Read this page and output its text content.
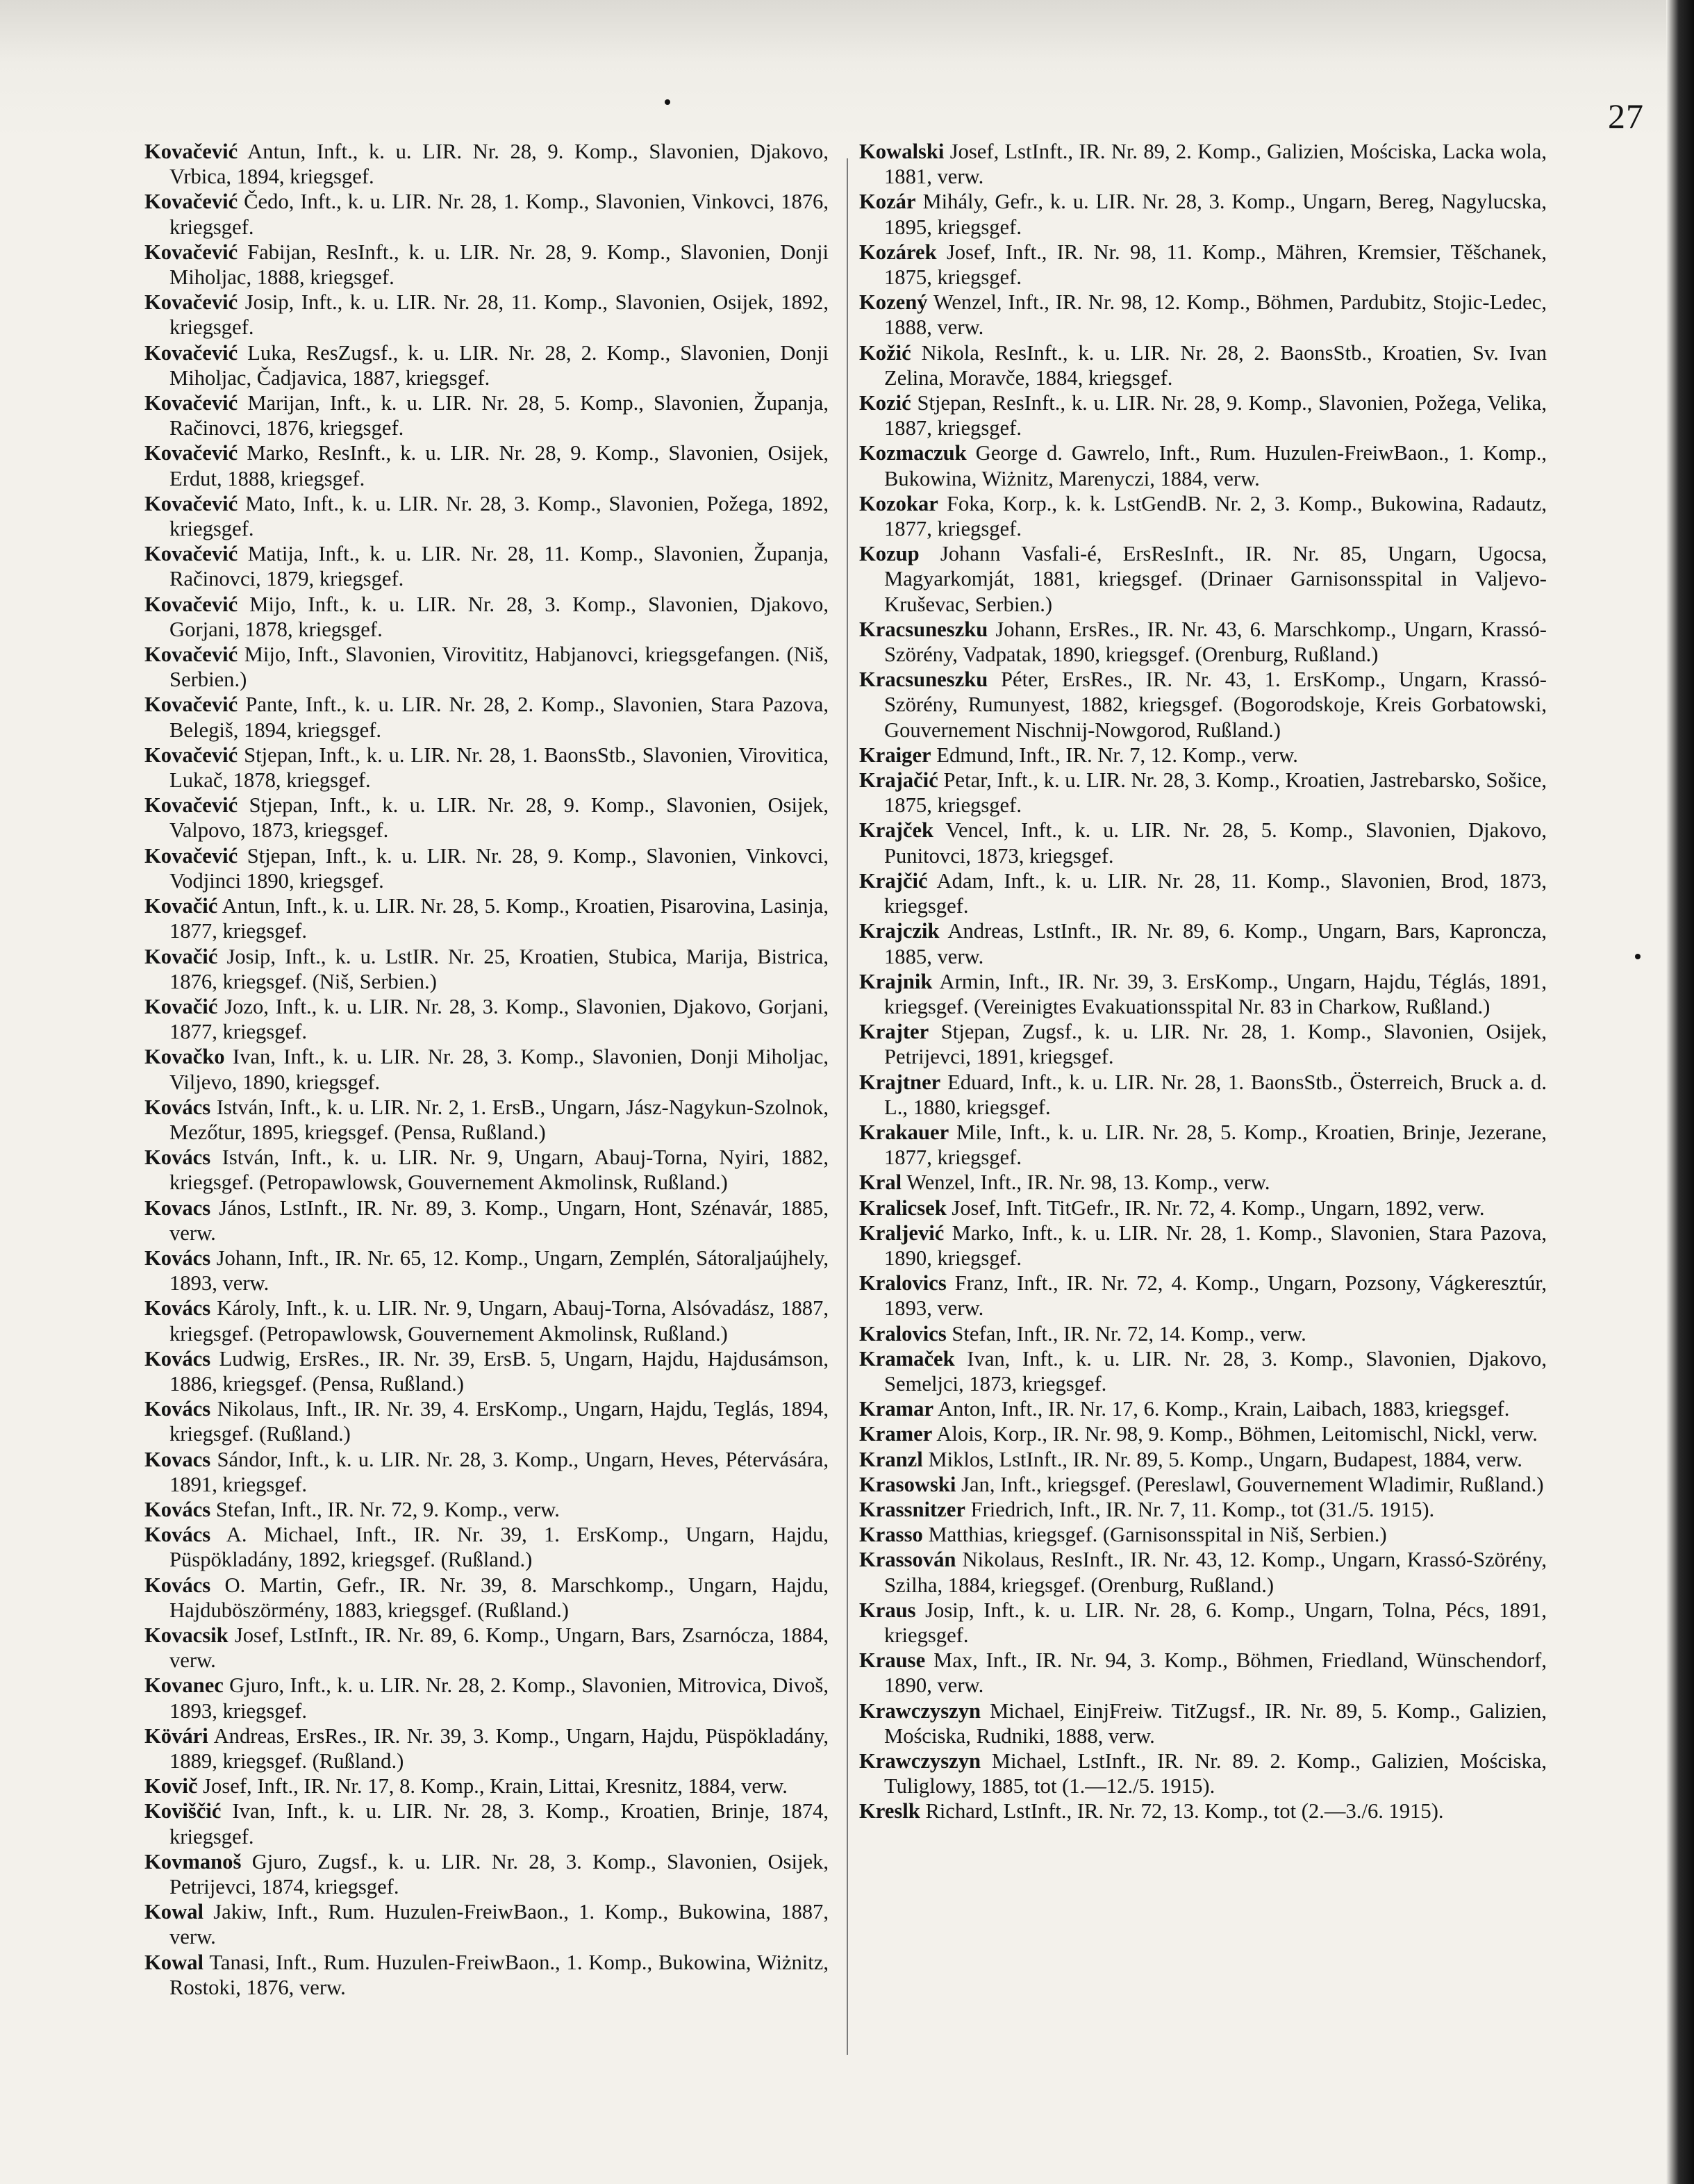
27

Kovačević Antun, Inft., k. u. LIR. Nr. 28, 9. Komp., Slavonien, Djakovo, Vrbica, 1894, kriegsgef.

Kovačević Čedo, Inft., k. u. LIR. Nr. 28, 1. Komp., Slavonien, Vinkovci, 1876, kriegsgef.

Kovačević Fabijan, ResInft., k. u. LIR. Nr. 28, 9. Komp., Slavonien, Donji Miholjac, 1888, kriegsgef.

Kovačević Josip, Inft., k. u. LIR. Nr. 28, 11. Komp., Slavonien, Osijek, 1892, kriegsgef.

Kovačević Luka, ResZugsf., k. u. LIR. Nr. 28, 2. Komp., Slavonien, Donji Miholjac, Čadjavica, 1887, kriegsgef.

Kovačević Marijan, Inft., k. u. LIR. Nr. 28, 5. Komp., Slavonien, Županja, Račinovci, 1876, kriegsgef.

Kovačević Marko, ResInft., k. u. LIR. Nr. 28, 9. Komp., Slavonien, Osijek, Erdut, 1888, kriegsgef.

Kovačević Mato, Inft., k. u. LIR. Nr. 28, 3. Komp., Slavonien, Požega, 1892, kriegsgef.

Kovačević Matija, Inft., k. u. LIR. Nr. 28, 11. Komp., Slavonien, Županja, Račinovci, 1879, kriegsgef.

Kovačević Mijo, Inft., k. u. LIR. Nr. 28, 3. Komp., Slavonien, Djakovo, Gorjani, 1878, kriegsgef.

Kovačević Mijo, Inft., Slavonien, Virovititz, Habjanovci, kriegsgefangen. (Niš, Serbien.)

Kovačević Pante, Inft., k. u. LIR. Nr. 28, 2. Komp., Slavonien, Stara Pazova, Belegiš, 1894, kriegsgef.

Kovačević Stjepan, Inft., k. u. LIR. Nr. 28, 1. BaonsStb., Slavonien, Virovitica, Lukač, 1878, kriegsgef.

Kovačević Stjepan, Inft., k. u. LIR. Nr. 28, 9. Komp., Slavonien, Osijek, Valpovo, 1873, kriegsgef.

Kovačević Stjepan, Inft., k. u. LIR. Nr. 28, 9. Komp., Slavonien, Vinkovci, Vodjinci 1890, kriegsgef.

Kovačić Antun, Inft., k. u. LIR. Nr. 28, 5. Komp., Kroatien, Pisarovina, Lasinja, 1877, kriegsgef.

Kovačić Josip, Inft., k. u. LstIR. Nr. 25, Kroatien, Stubica, Marija, Bistrica, 1876, kriegsgef. (Niš, Serbien.)

Kovačić Jozo, Inft., k. u. LIR. Nr. 28, 3. Komp., Slavonien, Djakovo, Gorjani, 1877, kriegsgef.

Kovačko Ivan, Inft., k. u. LIR. Nr. 28, 3. Komp., Slavonien, Donji Miholjac, Viljevo, 1890, kriegsgef.

Kovács István, Inft., k. u. LIR. Nr. 2, 1. ErsB., Ungarn, Jász-Nagykun-Szolnok, Mezőtur, 1895, kriegsgef. (Pensa, Rußland.)

Kovács István, Inft., k. u. LIR. Nr. 9, Ungarn, Abauj-Torna, Nyiri, 1882, kriegsgef. (Petropawlowsk, Gouvernement Akmolinsk, Rußland.)

Kovacs János, LstInft., IR. Nr. 89, 3. Komp., Ungarn, Hont, Szénavár, 1885, verw.

Kovács Johann, Inft., IR. Nr. 65, 12. Komp., Ungarn, Zemplén, Sátoraljaújhely, 1893, verw.

Kovács Károly, Inft., k. u. LIR. Nr. 9, Ungarn, Abauj-Torna, Alsóvadász, 1887, kriegsgef. (Petropawlowsk, Gouvernement Akmolinsk, Rußland.)

Kovács Ludwig, ErsRes., IR. Nr. 39, ErsB. 5, Ungarn, Hajdu, Hajdusámson, 1886, kriegsgef. (Pensa, Rußland.)

Kovács Nikolaus, Inft., IR. Nr. 39, 4. ErsKomp., Ungarn, Hajdu, Teglás, 1894, kriegsgef. (Rußland.)

Kovacs Sándor, Inft., k. u. LIR. Nr. 28, 3. Komp., Ungarn, Heves, Pétervására, 1891, kriegsgef.

Kovács Stefan, Inft., IR. Nr. 72, 9. Komp., verw.

Kovács A. Michael, Inft., IR. Nr. 39, 1. ErsKomp., Ungarn, Hajdu, Püspökladány, 1892, kriegsgef. (Rußland.)

Kovács O. Martin, Gefr., IR. Nr. 39, 8. Marschkomp., Ungarn, Hajdu, Hajduböszörmény, 1883, kriegsgef. (Rußland.)

Kovacsik Josef, LstInft., IR. Nr. 89, 6. Komp., Ungarn, Bars, Zsarnócza, 1884, verw.

Kovanec Gjuro, Inft., k. u. LIR. Nr. 28, 2. Komp., Slavonien, Mitrovica, Divoš, 1893, kriegsgef.

Kövári Andreas, ErsRes., IR. Nr. 39, 3. Komp., Ungarn, Hajdu, Püspökladány, 1889, kriegsgef. (Rußland.)

Kovič Josef, Inft., IR. Nr. 17, 8. Komp., Krain, Littai, Kresnitz, 1884, verw.

Koviščić Ivan, Inft., k. u. LIR. Nr. 28, 3. Komp., Kroatien, Brinje, 1874, kriegsgef.

Kovmanoš Gjuro, Zugsf., k. u. LIR. Nr. 28, 3. Komp., Slavonien, Osijek, Petrijevci, 1874, kriegsgef.

Kowal Jakiw, Inft., Rum. Huzulen-FreiwBaon., 1. Komp., Bukowina, 1887, verw.

Kowal Tanasi, Inft., Rum. Huzulen-FreiwBaon., 1. Komp., Bukowina, Wiżnitz, Rostoki, 1876, verw.

Kowalski Josef, LstInft., IR. Nr. 89, 2. Komp., Galizien, Mościska, Lacka wola, 1881, verw.

Kozár Mihály, Gefr., k. u. LIR. Nr. 28, 3. Komp., Ungarn, Bereg, Nagylucska, 1895, kriegsgef.

Kozárek Josef, Inft., IR. Nr. 98, 11. Komp., Mähren, Kremsier, Těšchanek, 1875, kriegsgef.

Kozený Wenzel, Inft., IR. Nr. 98, 12. Komp., Böhmen, Pardubitz, Stojic-Ledec, 1888, verw.

Kožić Nikola, ResInft., k. u. LIR. Nr. 28, 2. BaonsStb., Kroatien, Sv. Ivan Zelina, Moravče, 1884, kriegsgef.

Kozić Stjepan, ResInft., k. u. LIR. Nr. 28, 9. Komp., Slavonien, Požega, Velika, 1887, kriegsgef.

Kozmaczuk George d. Gawrelo, Inft., Rum. Huzulen-FreiwBaon., 1. Komp., Bukowina, Wiżnitz, Marenyczi, 1884, verw.

Kozokar Foka, Korp., k. k. LstGendB. Nr. 2, 3. Komp., Bukowina, Radautz, 1877, kriegsgef.

Kozup Johann Vasfali-é, ErsResInft., IR. Nr. 85, Ungarn, Ugocsa, Magyarkomját, 1881, kriegsgef. (Drinaer Garnisonsspital in Valjevo-Kruševac, Serbien.)

Kracsuneszku Johann, ErsRes., IR. Nr. 43, 6. Marschkomp., Ungarn, Krassó-Szörény, Vadpatak, 1890, kriegsgef. (Orenburg, Rußland.)

Kracsuneszku Péter, ErsRes., IR. Nr. 43, 1. ErsKomp., Ungarn, Krassó-Szörény, Rumunyest, 1882, kriegsgef. (Bogorodskoje, Kreis Gorbatowski, Gouvernement Nischnij-Nowgorod, Rußland.)

Kraiger Edmund, Inft., IR. Nr. 7, 12. Komp., verw.

Krajačić Petar, Inft., k. u. LIR. Nr. 28, 3. Komp., Kroatien, Jastrebarsko, Sošice, 1875, kriegsgef.

Krajček Vencel, Inft., k. u. LIR. Nr. 28, 5. Komp., Slavonien, Djakovo, Punitovci, 1873, kriegsgef.

Krajčić Adam, Inft., k. u. LIR. Nr. 28, 11. Komp., Slavonien, Brod, 1873, kriegsgef.

Krajczik Andreas, LstInft., IR. Nr. 89, 6. Komp., Ungarn, Bars, Kaproncza, 1885, verw.

Krajnik Armin, Inft., IR. Nr. 39, 3. ErsKomp., Ungarn, Hajdu, Téglás, 1891, kriegsgef. (Vereinigtes Evakuationsspital Nr. 83 in Charkow, Rußland.)

Krajter Stjepan, Zugsf., k. u. LIR. Nr. 28, 1. Komp., Slavonien, Osijek, Petrijevci, 1891, kriegsgef.

Krajtner Eduard, Inft., k. u. LIR. Nr. 28, 1. BaonsStb., Österreich, Bruck a. d. L., 1880, kriegsgef.

Krakauer Mile, Inft., k. u. LIR. Nr. 28, 5. Komp., Kroatien, Brinje, Jezerane, 1877, kriegsgef.

Kral Wenzel, Inft., IR. Nr. 98, 13. Komp., verw.

Kralicsek Josef, Inft. TitGefr., IR. Nr. 72, 4. Komp., Ungarn, 1892, verw.

Kraljević Marko, Inft., k. u. LIR. Nr. 28, 1. Komp., Slavonien, Stara Pazova, 1890, kriegsgef.

Kralovics Franz, Inft., IR. Nr. 72, 4. Komp., Ungarn, Pozsony, Vágkeresztúr, 1893, verw.

Kralovics Stefan, Inft., IR. Nr. 72, 14. Komp., verw.

Kramaček Ivan, Inft., k. u. LIR. Nr. 28, 3. Komp., Slavonien, Djakovo, Semeljci, 1873, kriegsgef.

Kramar Anton, Inft., IR. Nr. 17, 6. Komp., Krain, Laibach, 1883, kriegsgef.

Kramer Alois, Korp., IR. Nr. 98, 9. Komp., Böhmen, Leitomischl, Nickl, verw.

Kranzl Miklos, LstInft., IR. Nr. 89, 5. Komp., Ungarn, Budapest, 1884, verw.

Krasowski Jan, Inft., kriegsgef. (Pereslawl, Gouvernement Wladimir, Rußland.)

Krassnitzer Friedrich, Inft., IR. Nr. 7, 11. Komp., tot (31./5. 1915).

Krasso Matthias, kriegsgef. (Garnisonsspital in Niš, Serbien.)

Krassován Nikolaus, ResInft., IR. Nr. 43, 12. Komp., Ungarn, Krassó-Szörény, Szilha, 1884, kriegsgef. (Orenburg, Rußland.)

Kraus Josip, Inft., k. u. LIR. Nr. 28, 6. Komp., Ungarn, Tolna, Pécs, 1891, kriegsgef.

Krause Max, Inft., IR. Nr. 94, 3. Komp., Böhmen, Friedland, Wünschendorf, 1890, verw.

Krawczyszyn Michael, EinjFreiw. TitZugsf., IR. Nr. 89, 5. Komp., Galizien, Mościska, Rudniki, 1888, verw.

Krawczyszyn Michael, LstInft., IR. Nr. 89. 2. Komp., Galizien, Mościska, Tuliglowy, 1885, tot (1.—12./5. 1915).

Kreslk Richard, LstInft., IR. Nr. 72, 13. Komp., tot (2.—3./6. 1915).
